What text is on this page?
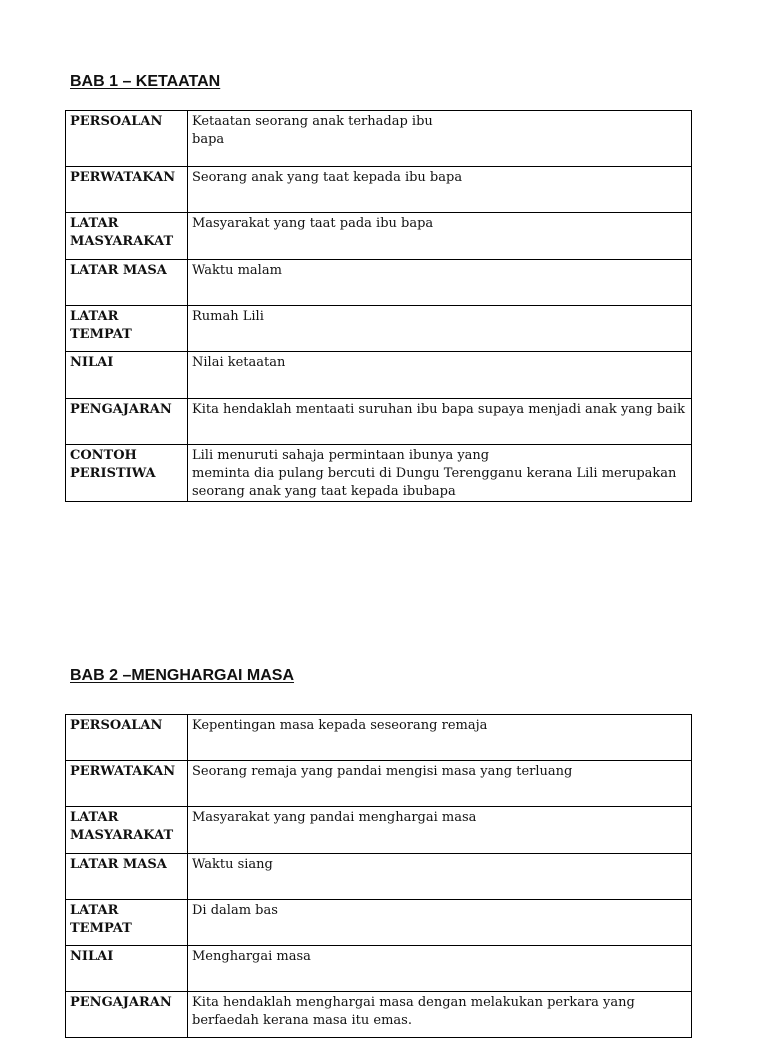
BAB 1 – KETAATAN
PERSOALAN	Ketaatan seorang anak terhadap ibu
bapa
PERWATAKAN	Seorang anak yang taat kepada ibu bapa
LATAR
MASYARAKAT	Masyarakat yang taat pada ibu bapa
LATAR MASA	Waktu malam
LATAR
TEMPAT	Rumah Lili
NILAI	Nilai ketaatan
PENGAJARAN	Kita hendaklah mentaati suruhan ibu bapa supaya menjadi anak yang baik
CONTOH
PERISTIWA	Lili menuruti sahaja permintaan ibunya yang
meminta dia pulang bercuti di Dungu Terengganu kerana Lili merupakan
seorang anak yang taat kepada ibubapa
BAB 2 –MENGHARGAI MASA
PERSOALAN	Kepentingan masa kepada seseorang remaja
PERWATAKAN	Seorang remaja yang pandai mengisi masa yang terluang
LATAR
MASYARAKAT	Masyarakat yang pandai menghargai masa
LATAR MASA	Waktu siang
LATAR
TEMPAT	Di dalam bas
NILAI	Menghargai masa
PENGAJARAN	Kita hendaklah menghargai masa dengan melakukan perkara yang
berfaedah kerana masa itu emas.
